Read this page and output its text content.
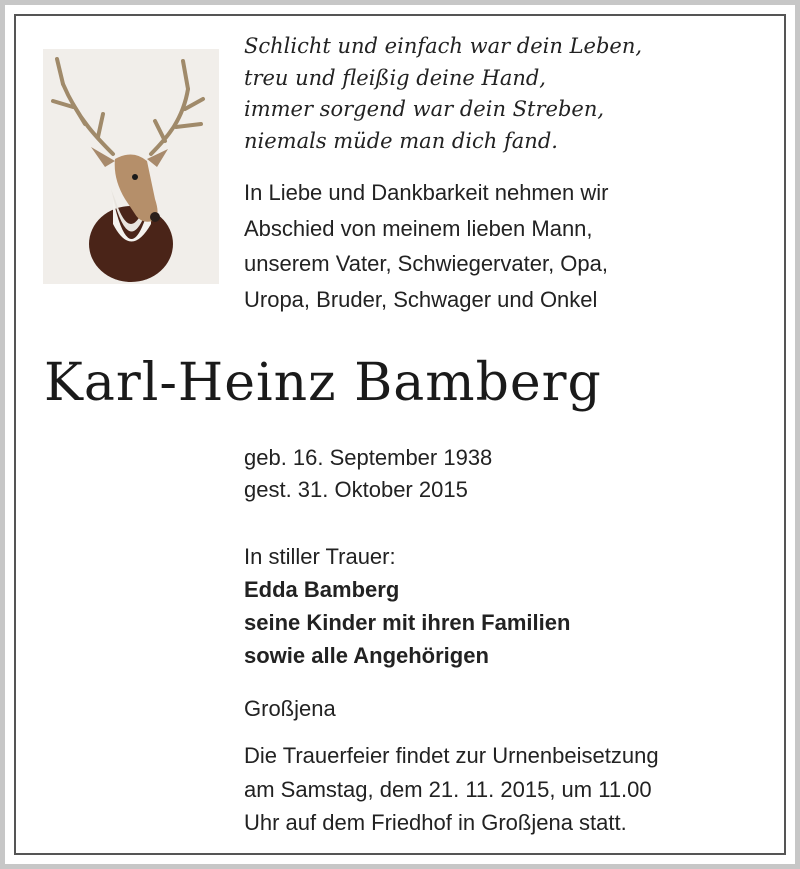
Schlicht und einfach war dein Leben,
treu und fleißig deine Hand,
immer sorgend war dein Streben,
niemals müde man dich fand.
In Liebe und Dankbarkeit nehmen wir
Abschied von meinem lieben Mann,
unserem Vater, Schwiegervater, Opa,
Uropa, Bruder, Schwager und Onkel
Karl-Heinz Bamberg
geb. 16. September 1938
gest. 31. Oktober 2015
In stiller Trauer:
Edda Bamberg
seine Kinder mit ihren Familien
sowie alle Angehörigen
Großjena
Die Trauerfeier findet zur Urnenbeisetzung
am Samstag, dem 21. 11. 2015, um 11.00
Uhr auf dem Friedhof in Großjena statt.
